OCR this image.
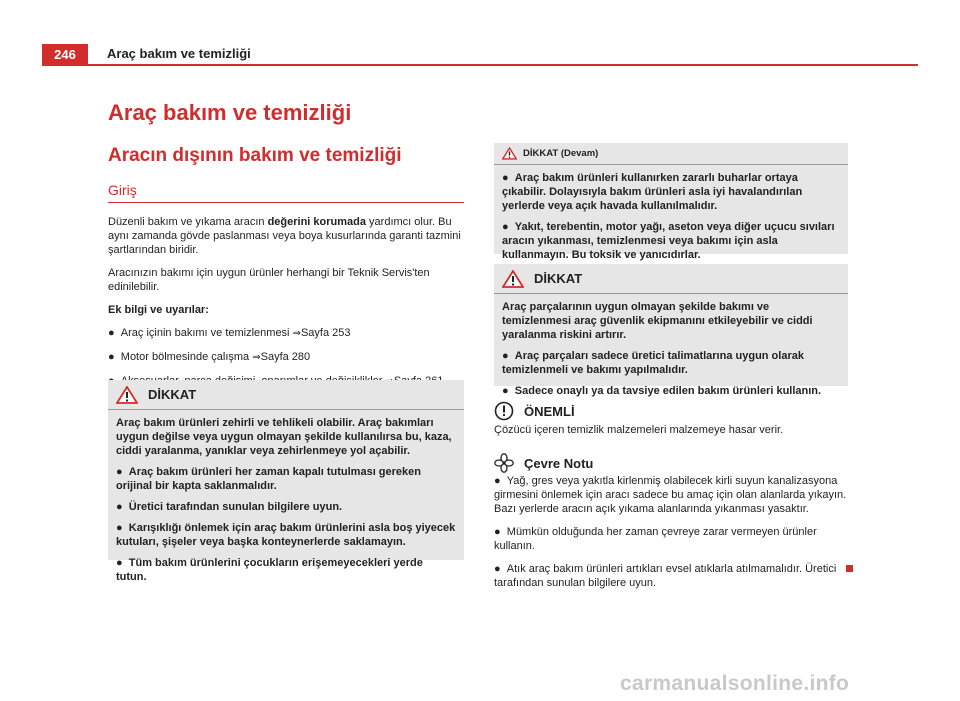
246	Araç bakım ve temizliği
Araç bakım ve temizliği
Aracın dışının bakım ve temizliği
Giriş

Düzenli bakım ve yıkama aracın değerini korumada yardımcı olur. Bu aynı zamanda gövde paslanması veya boya kusurlarında garanti tazmini şartlarından biridir.

Aracınızın bakımı için uygun ürünler herhangi bir Teknik Servis'ten edinilebilir.

Ek bilgi ve uyarılar:

● Araç içinin bakımı ve temizlenmesi ⇒Sayfa 253
● Motor bölmesinde çalışma ⇒Sayfa 280

DİKKAT

Araç bakım ürünleri zehirli ve tehlikeli olabilir. Araç bakımları uygun değilse veya uygun olmayan şekilde kullanılırsa bu, kaza, ciddi yaralanma, yanıklar veya zehirlenmeye yol açabilir.

● Araç bakım ürünleri her zaman kapalı tutulması gereken orijinal bir kapta saklanmalıdır.

● Üretici tarafından sunulan bilgilere uyun.

● Karışıklığı önlemek için araç bakım ürünlerini asla boş yiyecek kutuları, şişeler veya başka konteynerlerde saklamayın.

● Tüm bakım ürünlerini çocukların erişemeyecekleri yerde tutun.

DİKKAT (Devam)

● Araç bakım ürünleri kullanırken zararlı buharlar ortaya çıkabilir. Dolayısıyla bakım ürünleri asla iyi havalandırılan yerlerde veya açık havada kullanılmalıdır.

● Yakıt, terebentin, motor yağı, aseton veya diğer uçucu sıvıları aracın yıkanması, temizlenmesi veya bakımı için asla kullanmayın. Bu toksik ve yanıcıdırlar.

DİKKAT

Araç parçalarının uygun olmayan şekilde bakımı ve temizlenmesi araç güvenlik ekipmanını etkileyebilir ve ciddi yaralanma riskini artırır.

● Araç parçaları sadece üretici talimatlarına uygun olarak temizlenmeli ve bakımı yapılmalıdır.

● Sadece onaylı ya da tavsiye edilen bakım ürünleri kullanın.

ÖNEMLİ
Çözücü içeren temizlik malzemeleri malzemeye hasar verir.
Çevre Notu

● Yağ, gres veya yakıtla kirlenmiş olabilecek kirli suyun kanalizasyona girmesini önlemek için aracı sadece bu amaç için olan alanlarda yıkayın. Bazı yerlerde aracın açık yıkama alanlarında yıkanması yasaktır.

● Mümkün olduğunda her zaman çevreye zarar vermeyen ürünler kullanın.

● Atık araç bakım ürünleri artıkları evsel atıklarla atılmamalıdır. Üretici tarafından sunulan bilgilere uyun.

carmanualsonline.info
